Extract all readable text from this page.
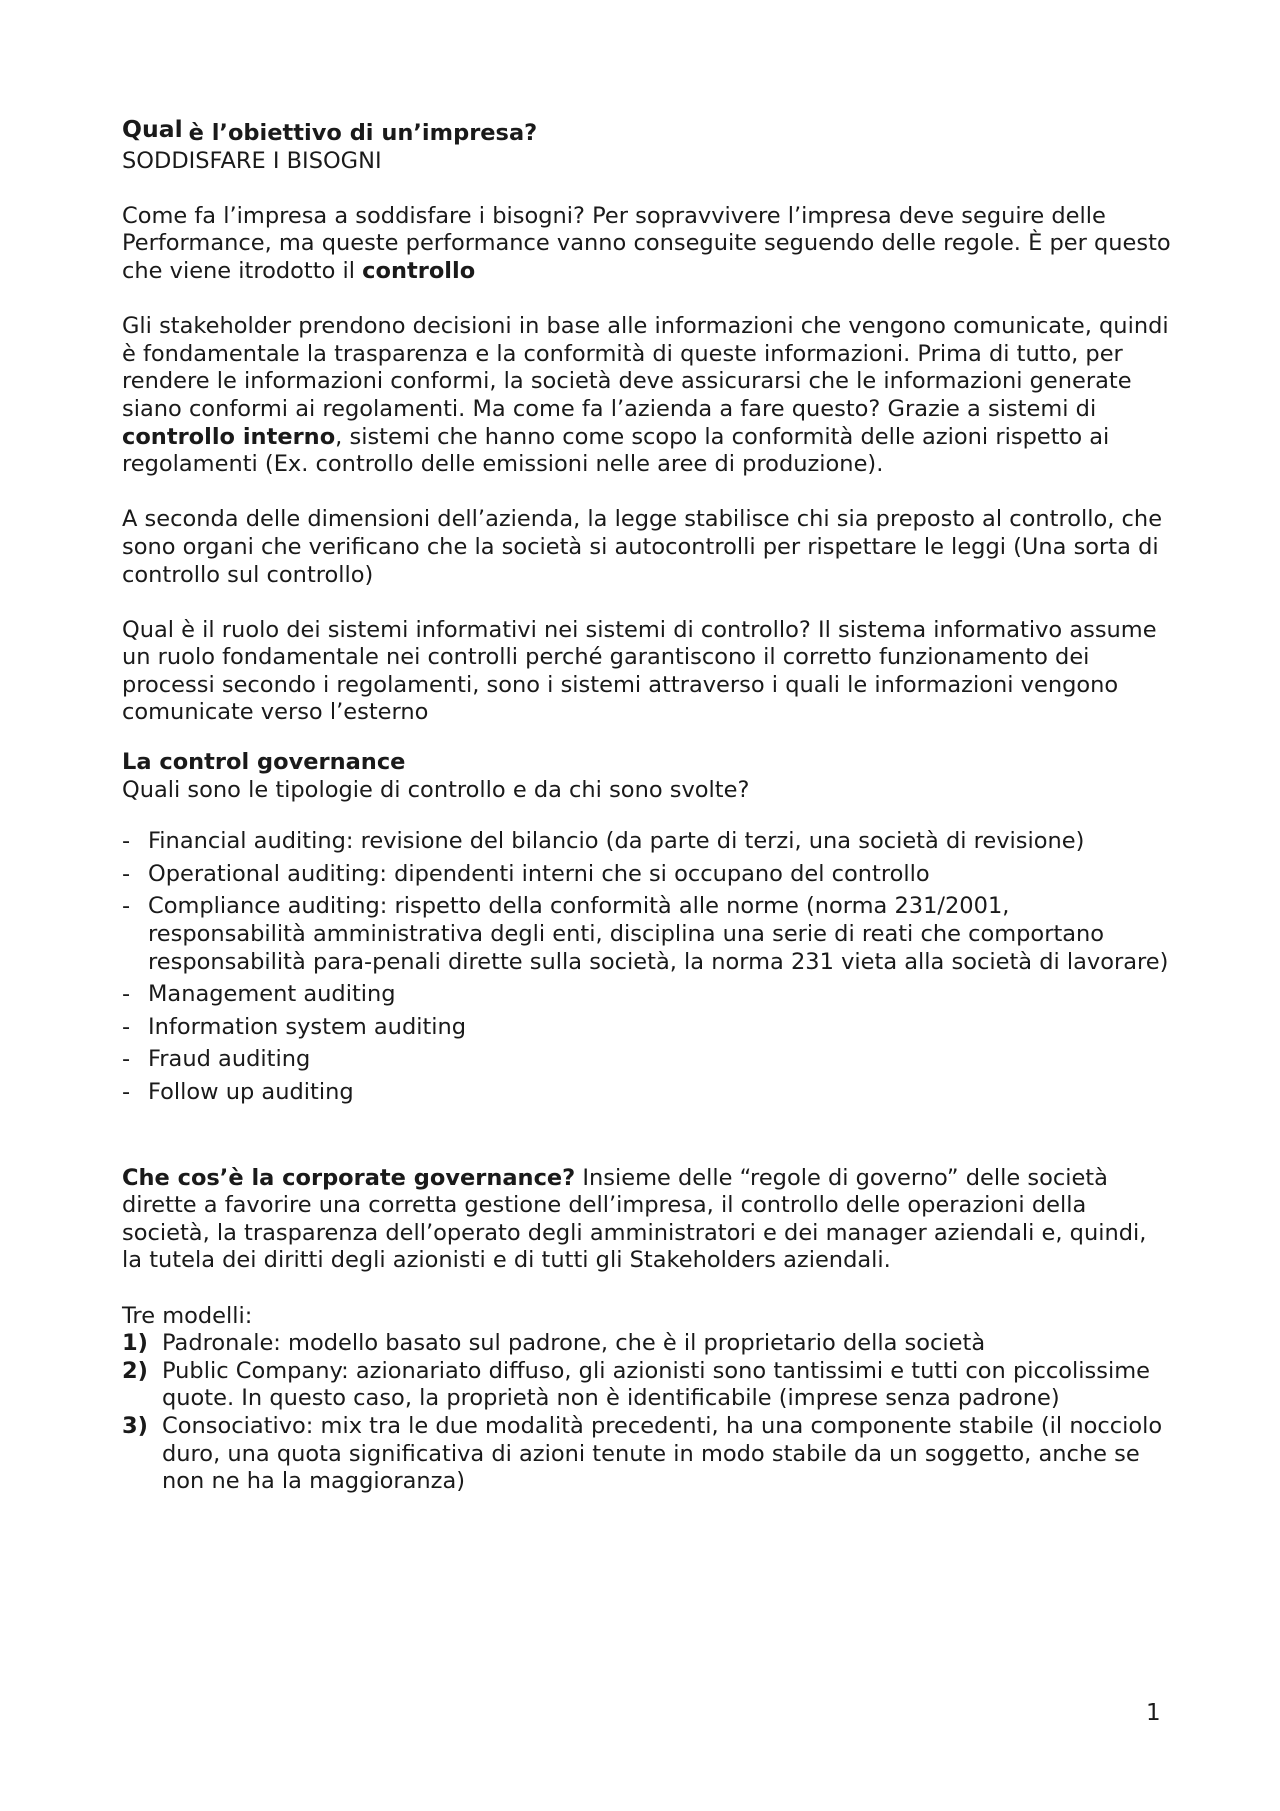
Qual è l’obiettivo di un’impresa?

SODDISFARE I BISOGNI

Come fa l’impresa a soddisfare i bisogni? Per sopravvivere l’impresa deve seguire delle Performance, ma queste performance vanno conseguite seguendo delle regole. È per questo che viene itrodotto il controllo

Gli stakeholder prendono decisioni in base alle informazioni che vengono comunicate, quindi è fondamentale la trasparenza e la conformità di queste informazioni. Prima di tutto, per rendere le informazioni conformi, la società deve assicurarsi che le informazioni generate siano conformi ai regolamenti. Ma come fa l’azienda a fare questo? Grazie a sistemi di controllo interno, sistemi che hanno come scopo la conformità delle azioni rispetto ai regolamenti (Ex. controllo delle emissioni nelle aree di produzione).

A seconda delle dimensioni dell’azienda, la legge stabilisce chi sia preposto al controllo, che sono organi che verificano che la società si autocontrolli per rispettare le leggi (Una sorta di controllo sul controllo)

Qual è il ruolo dei sistemi informativi nei sistemi di controllo? Il sistema informativo assume un ruolo fondamentale nei controlli perché garantiscono il corretto funzionamento dei processi secondo i regolamenti, sono i sistemi attraverso i quali le informazioni vengono comunicate verso l’esterno

La control governance

Quali sono le tipologie di controllo e da chi sono svolte?

- Financial auditing: revisione del bilancio (da parte di terzi, una società di revisione)
- Operational auditing: dipendenti interni che si occupano del controllo
- Compliance auditing: rispetto della conformità alle norme (norma 231/2001, responsabilità amministrativa degli enti, disciplina una serie di reati che comportano responsabilità para-penali dirette sulla società, la norma 231 vieta alla società di lavorare)
- Management auditing
- Information system auditing
- Fraud auditing
- Follow up auditing

Che cos’è la corporate governance? Insieme delle “regole di governo” delle società dirette a favorire una corretta gestione dell’impresa, il controllo delle operazioni della società, la trasparenza dell’operato degli amministratori e dei manager aziendali e, quindi, la tutela dei diritti degli azionisti e di tutti gli Stakeholders aziendali.

Tre modelli:

1) Padronale: modello basato sul padrone, che è il proprietario della società
2) Public Company: azionariato diffuso, gli azionisti sono tantissimi e tutti con piccolissime quote. In questo caso, la proprietà non è identificabile (imprese senza padrone)
3) Consociativo: mix tra le due modalità precedenti, ha una componente stabile (il nocciolo duro, una quota significativa di azioni tenute in modo stabile da un soggetto, anche se non ne ha la maggioranza)
1
